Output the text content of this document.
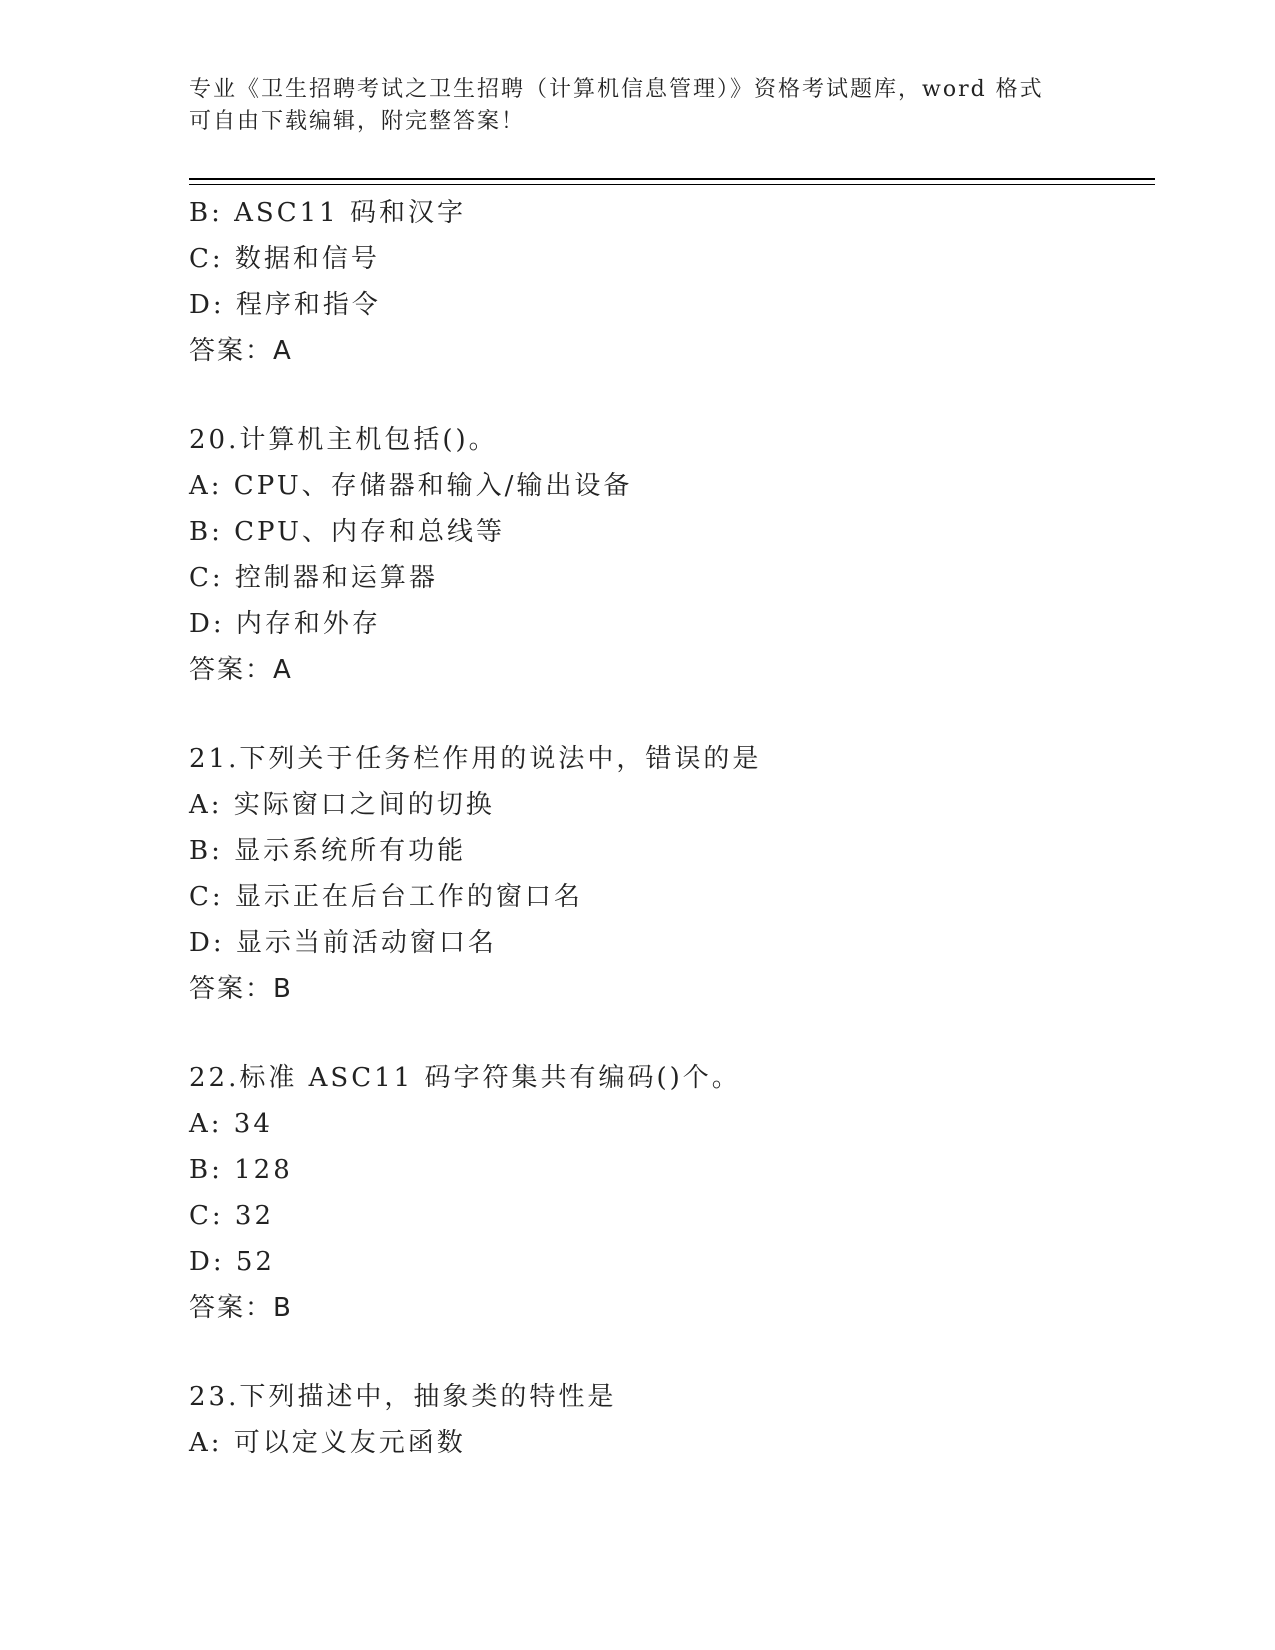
专业《卫生招聘考试之卫生招聘（计算机信息管理）》资格考试题库，word 格式
可自由下载编辑，附完整答案！
B: ASC11 码和汉字
C: 数据和信号
D: 程序和指令
答案：A
20.计算机主机包括()。
A: CPU、存储器和输入/输出设备
B: CPU、内存和总线等
C: 控制器和运算器
D: 内存和外存
答案：A
21.下列关于任务栏作用的说法中，错误的是
A: 实际窗口之间的切换
B: 显示系统所有功能
C: 显示正在后台工作的窗口名
D: 显示当前活动窗口名
答案：B
22.标准 ASC11 码字符集共有编码()个。
A: 34
B: 128
C: 32
D: 52
答案：B
23.下列描述中，抽象类的特性是
A: 可以定义友元函数
